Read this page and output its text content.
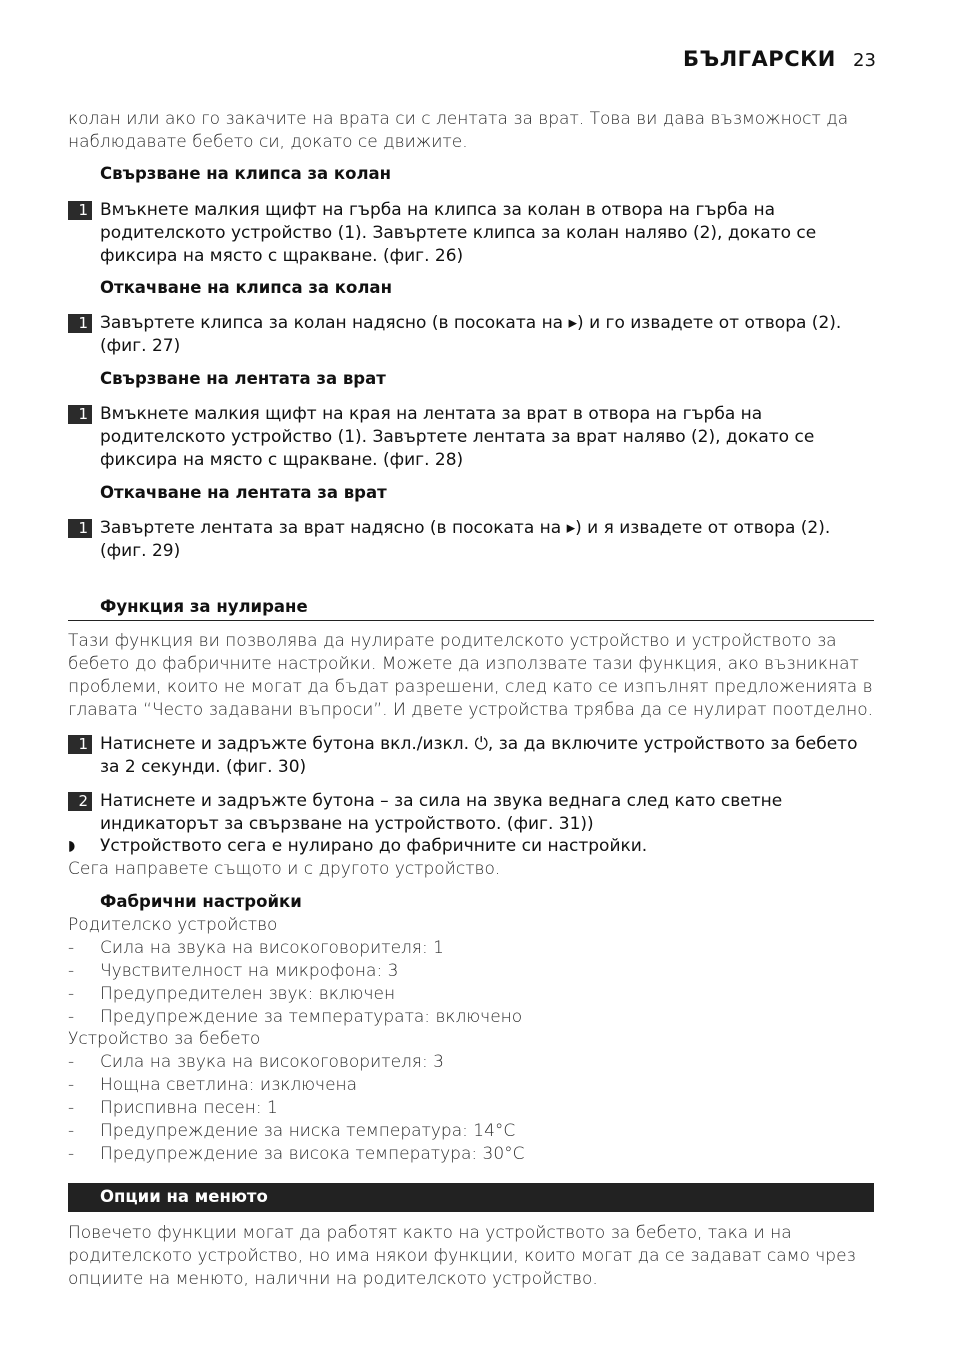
БЪЛГАРСКИ 23
колан или ако го закачите на врата си с лентата за врат. Това ви дава възможност да наблюдавате бебето си, докато се движите.
Свързване на клипса за колан
1 Вмъкнете малкия щифт на гърба на клипса за колан в отвора на гърба на родителското устройство (1). Завъртете клипса за колан наляво (2), докато се фиксира на място с щракване. (фиг. 26)
Откачване на клипса за колан
1 Завъртете клипса за колан надясно (в посоката на ▸) и го извадете от отвора (2). (фиг. 27)
Свързване на лентата за врат
1 Вмъкнете малкия щифт на края на лентата за врат в отвора на гърба на родителското устройство (1). Завъртете лентата за врат наляво (2), докато се фиксира на място с щракване. (фиг. 28)
Откачване на лентата за врат
1 Завъртете лентата за врат надясно (в посоката на ▸) и я извадете от отвора (2). (фиг. 29)
Функция за нулиране
Тази функция ви позволява да нулирате родителското устройство и устройството за бебето до фабричните настройки. Можете да използвате тази функция, ако възникнат проблеми, които не могат да бъдат разрешени, след като се изпълнят предложенията в главата “Често задавани въпроси”. И двете устройства трябва да се нулират поотделно.
1 Натиснете и задръжте бутона вкл./изкл. ⏻, за да включите устройството за бебето за 2 секунди. (фиг. 30)
2 Натиснете и задръжте бутона – за сила на звука веднага след като светне индикаторът за свързване на устройството. (фиг. 31))
◗ Устройството сега е нулирано до фабричните си настройки.
Сега направете същото и с другото устройство.
Фабрични настройки
Родителско устройство
- Сила на звука на високоговорителя: 1
- Чувствителност на микрофона: 3
- Предупредителен звук: включен
- Предупреждение за температурата: включено
Устройство за бебето
- Сила на звука на високоговорителя: 3
- Нощна светлина: изключена
- Приспивна песен: 1
- Предупреждение за ниска температура: 14°C
- Предупреждение за висока температура: 30°C
Опции на менюто
Повечето функции могат да работят както на устройството за бебето, така и на родителското устройство, но има някои функции, които могат да се задават само чрез опциите на менюто, налични на родителското устройство.
